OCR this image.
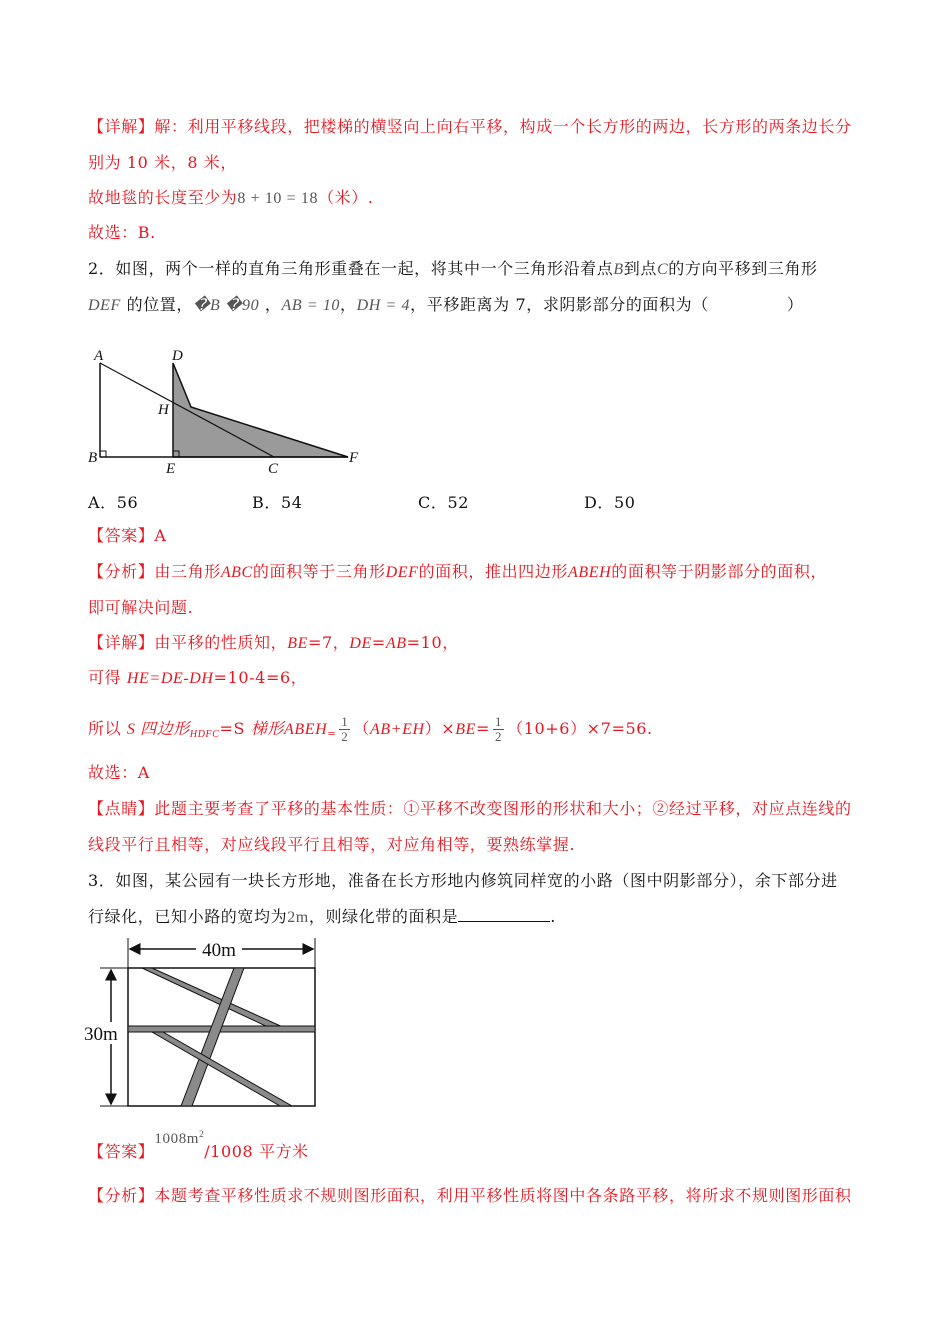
【详解】解：利用平移线段，把楼梯的横竖向上向右平移，构成一个长方形的两边，长方形的两条边长分
别为 10 米，8 米，
故地毯的长度至少为8 + 10 = 18（米）.
故选：B.
2．如图，两个一样的直角三角形重叠在一起，将其中一个三角形沿着点B到点C的方向平移到三角形
DEF 的位置，�B �90 ，AB = 10，DH = 4，平移距离为 7，求阴影部分的面积为（	）
A	D
H
B
E	C
F
A．56	B．54	C．52	D．50
【答案】A
【分析】由三角形ABC的面积等于三角形DEF的面积，推出四边形ABEH的面积等于阴影部分的面积，
即可解决问题.
【详解】由平移的性质知，BE=7，DE=AB=10，
可得 HE=DE-DH=10-4=6，
所以 S 四边形$_{HDFC}$=S 梯形$ABEH_= \frac{1}{2} (AB+EH)\times BE= \frac{1}{2} (10+6)\times 7=56$.
故选：A
【点睛】此题主要考查了平移的基本性质：①平移不改变图形的形状和大小；②经过平移，对应点连线的
线段平行且相等，对应线段平行且相等，对应角相等，要熟练掌握.
3．如图，某公园有一块长方形地，准备在长方形地内修筑同样宽的小路（图中阴影部分），余下部分进
行绿化，已知小路的宽均为2m，则绿化带的面积是	.
40m
30m
【答案】$1008m^2/1008$ 平方米
【分析】本题考查平移性质求不规则图形面积，利用平移性质将图中各条路平移，将所求不规则图形面积
